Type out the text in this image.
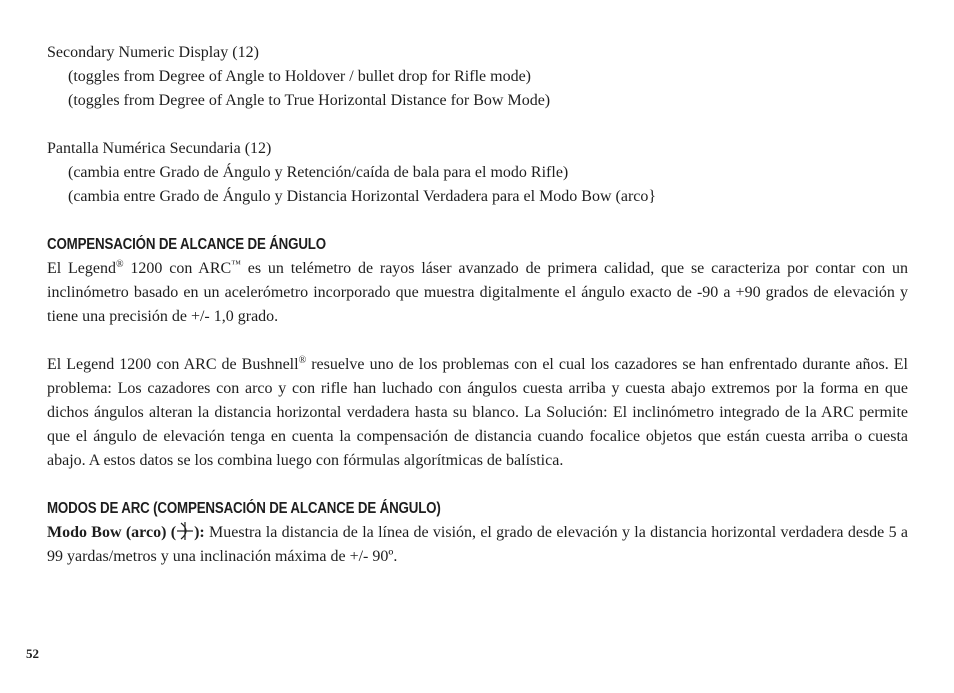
Secondary Numeric Display (12)
(toggles from Degree of Angle to Holdover / bullet drop for Rifle mode)
(toggles from Degree of Angle to True Horizontal Distance for Bow Mode)
Pantalla Numérica Secundaria (12)
(cambia entre Grado de Ángulo y Retención/caída de bala para el modo Rifle)
(cambia entre Grado de Ángulo y Distancia Horizontal Verdadera para el Modo Bow (arco}
COMPENSACIÓN DE ALCANCE DE ÁNGULO

El Legend® 1200 con ARC™ es un telémetro de rayos láser avanzado de primera calidad, que se caracteriza por contar con un inclinómetro basado en un acelerómetro incorporado que muestra digitalmente el ángulo exacto de -90 a +90 grados de elevación y tiene una precisión de +/- 1,0 grado.

El Legend 1200 con ARC de Bushnell® resuelve uno de los problemas con el cual los cazadores se han enfrentado durante años. El problema: Los cazadores con arco y con rifle han luchado con ángulos cuesta arriba y cuesta abajo extremos por la forma en que dichos ángulos alteran la distancia horizontal verdadera hasta su blanco. La Solución: El inclinómetro integrado de la ARC permite que el ángulo de elevación tenga en cuenta la compensación de distancia cuando focalice objetos que están cuesta arriba o cuesta abajo. A estos datos se los combina luego con fórmulas algorítmicas de balística.

MODOS DE ARC (COMPENSACIÓN DE ALCANCE DE ÁNGULO)

Modo Bow (arco) ( ): Muestra la distancia de la línea de visión, el grado de elevación y la distancia horizontal verdadera desde 5 a 99 yardas/metros y una inclinación máxima de +/- 90º.

52
